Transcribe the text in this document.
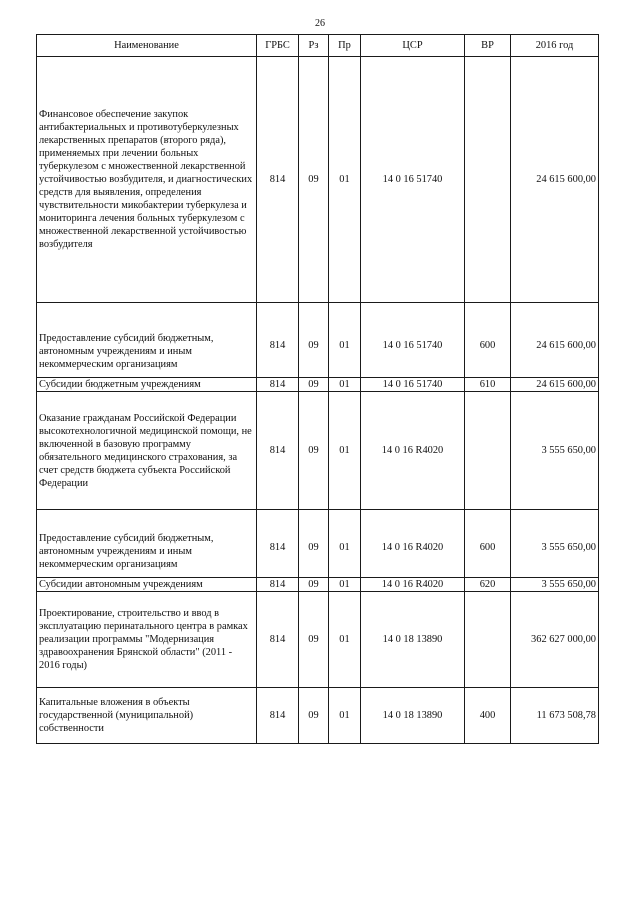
26
Наименование	ГРБС	Рз	Пр	ЦСР	ВР	2016 год
Финансовое обеспечение закупок антибактериальных и противотуберкулезных лекарственных препаратов (второго ряда), применяемых при лечении больных туберкулезом с множественной лекарственной устойчивостью возбудителя, и диагностических средств для выявления, определения чувствительности микобактерии туберкулеза и мониторинга лечения больных туберкулезом с множественной лекарственной устойчивостью возбудителя	814	09	01	14 0 16 51740		24 615 600,00
Предоставление субсидий бюджетным, автономным учреждениям и иным некоммерческим организациям	814	09	01	14 0 16 51740	600	24 615 600,00
Субсидии бюджетным учреждениям	814	09	01	14 0 16 51740	610	24 615 600,00
Оказание гражданам Российской Федерации высокотехнологичной медицинской помощи, не включенной в базовую программу обязательного медицинского страхования, за счет средств бюджета субъекта Российской Федерации	814	09	01	14 0 16 R4020		3 555 650,00
Предоставление субсидий бюджетным, автономным учреждениям и иным некоммерческим организациям	814	09	01	14 0 16 R4020	600	3 555 650,00
Субсидии автономным учреждениям	814	09	01	14 0 16 R4020	620	3 555 650,00
Проектирование, строительство и ввод в эксплуатацию перинатального центра в рамках реализации программы "Модернизация здравоохранения Брянской области" (2011 - 2016 годы)	814	09	01	14 0 18 13890		362 627 000,00
Капитальные вложения в объекты государственной (муниципальной) собственности	814	09	01	14 0 18 13890	400	11 673 508,78
